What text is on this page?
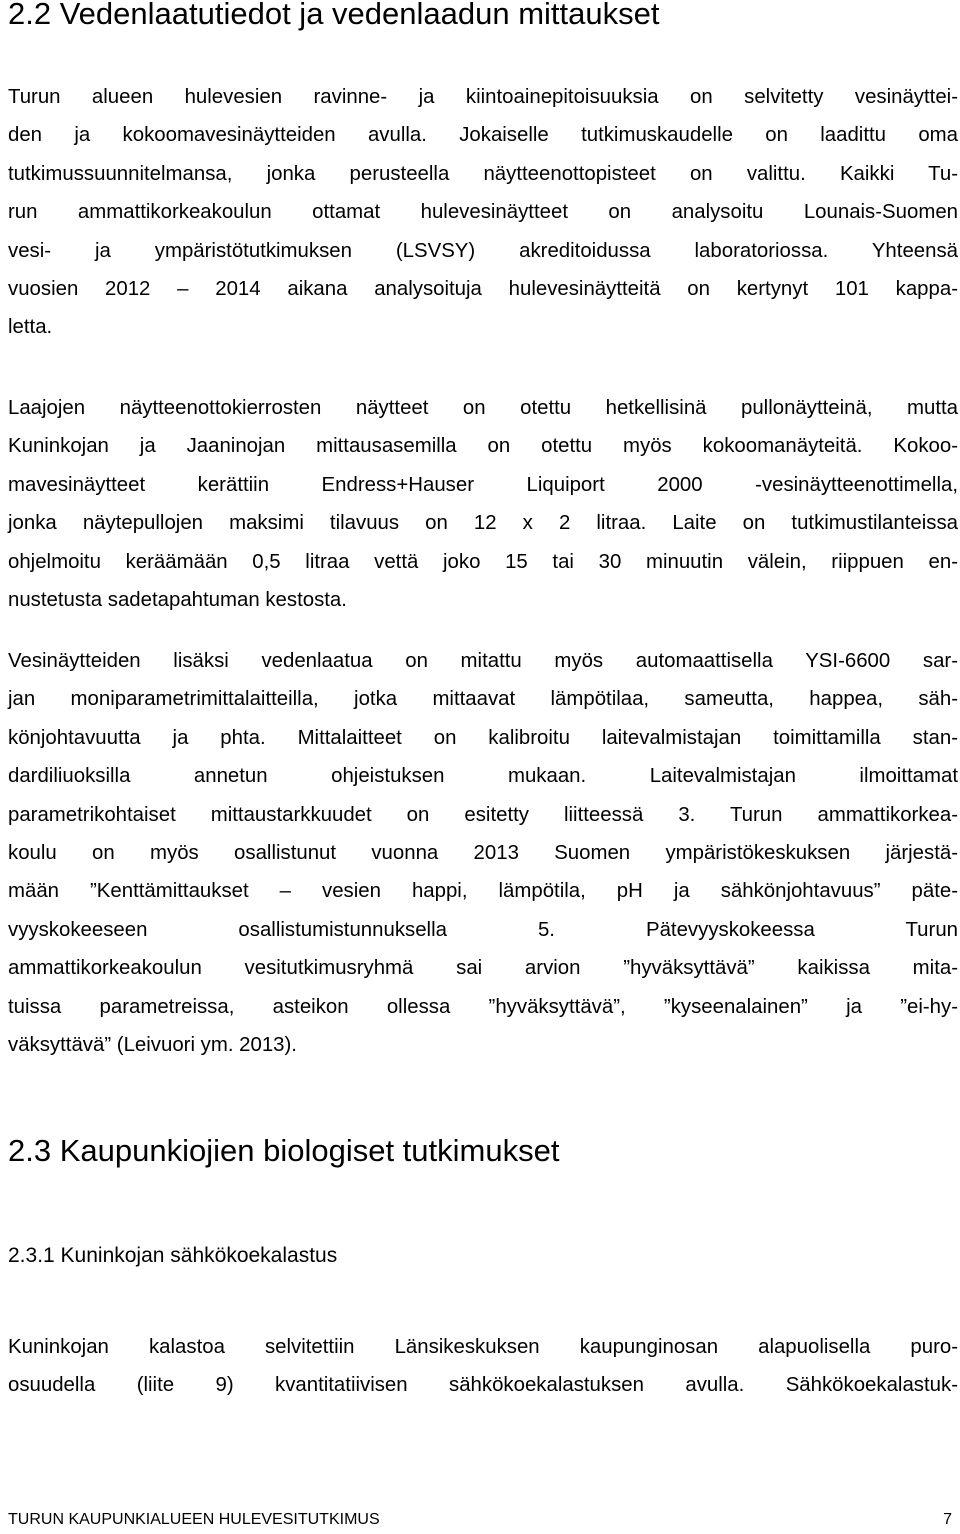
2.2 Vedenlaatutiedot ja vedenlaadun mittaukset
Turun alueen hulevesien ravinne- ja kiintoainepitoisuuksia on selvitetty vesinäyttei-
den ja kokoomavesinäytteiden avulla. Jokaiselle tutkimuskaudelle on laadittu oma
tutkimussuunnitelmansa, jonka perusteella näytteenottopisteet on valittu. Kaikki Tu-
run ammattikorkeakoulun ottamat hulevesinäytteet on analysoitu Lounais-Suomen
vesi- ja ympäristötutkimuksen (LSVSY) akreditoidussa laboratoriossa. Yhteensä
vuosien 2012 – 2014 aikana analysoituja hulevesinäytteitä on kertynyt 101 kappa-
letta.
Laajojen näytteenottokierrosten näytteet on otettu hetkellisinä pullonäytteinä, mutta
Kuninkojan ja Jaaninojan mittausasemilla on otettu myös kokoomanäyteitä. Kokoo-
mavesinäytteet kerättiin Endress+Hauser Liquiport 2000 -vesinäytteenottimella,
jonka näytepullojen maksimi tilavuus on 12 x 2 litraa. Laite on tutkimustilanteissa
ohjelmoitu keräämään 0,5 litraa vettä joko 15 tai 30 minuutin välein, riippuen en-
nustetusta sadetapahtuman kestosta.
Vesinäytteiden lisäksi vedenlaatua on mitattu myös automaattisella YSI-6600 sar-
jan moniparametrimittalaitteilla, jotka mittaavat lämpötilaa, sameutta, happea, säh-
könjohtavuutta ja phta. Mittalaitteet on kalibroitu laitevalmistajan toimittamilla stan-
dardiliuoksilla annetun ohjeistuksen mukaan. Laitevalmistajan ilmoittamat
parametrikohtaiset mittaustarkkuudet on esitetty liitteessä 3. Turun ammattikorkea-
koulu on myös osallistunut vuonna 2013 Suomen ympäristökeskuksen järjestä-
mään ”Kenttämittaukset – vesien happi, lämpötila, pH ja sähkönjohtavuus” päte-
vyyskokeeseen osallistumistunnuksella 5. Pätevyyskokeessa Turun
ammattikorkeakoulun vesitutkimusryhmä sai arvion ”hyväksyttävä” kaikissa mita-
tuissa parametreissa, asteikon ollessa ”hyväksyttävä”, ”kyseenalainen” ja ”ei-hy-
väksyttävä” (Leivuori ym. 2013).
2.3 Kaupunkiojien biologiset tutkimukset
2.3.1 Kuninkojan sähkökoekalastus
Kuninkojan kalastoa selvitettiin Länsikeskuksen kaupunginosan alapuolisella puro-
osuudella (liite 9) kvantitatiivisen sähkökoekalastuksen avulla. Sähkökoekalastuk-
TURUN KAUPUNKIALUEEN HULEVESITUTKIMUS	7
